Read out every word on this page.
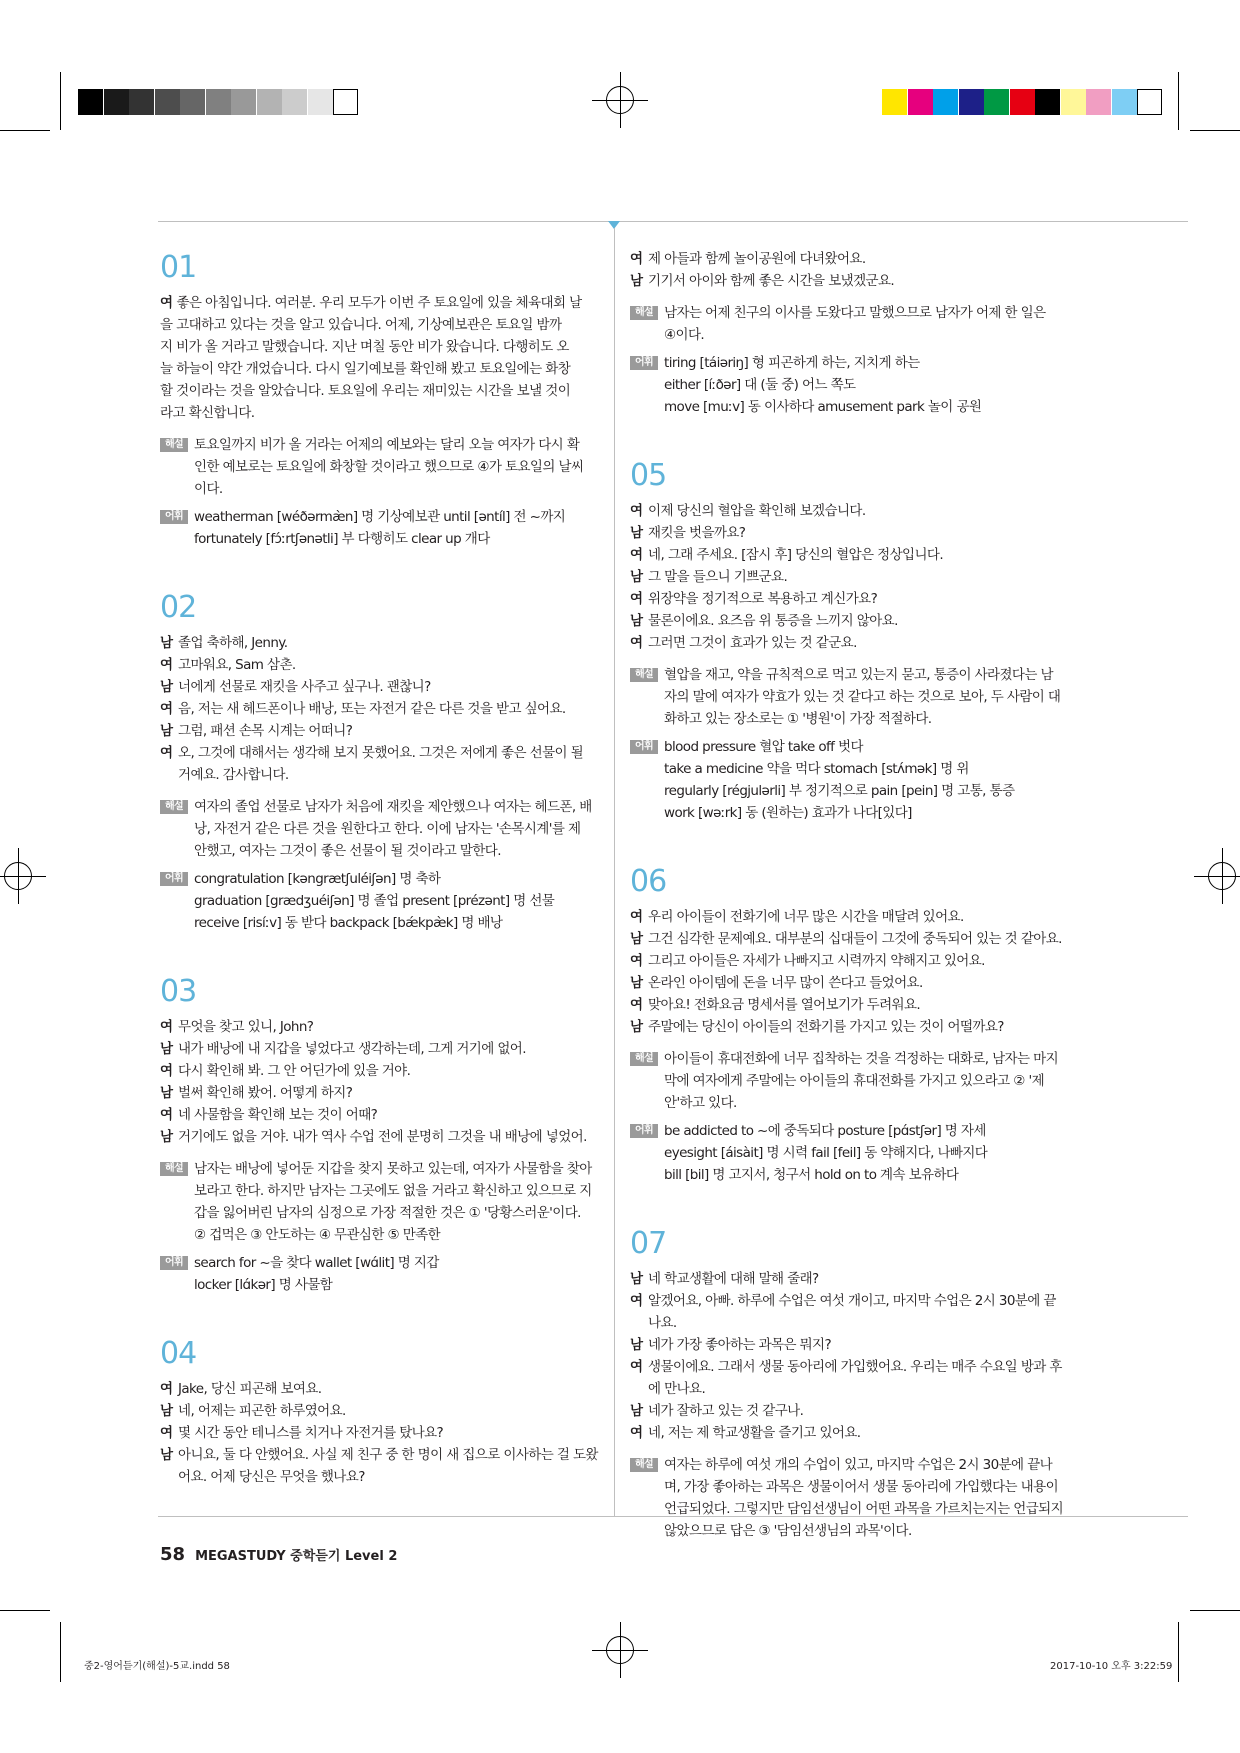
01
여 좋은 아침입니다. 여러분. 우리 모두가 이번 주 토요일에 있을 체육대회 날
을 고대하고 있다는 것을 알고 있습니다. 어제, 기상예보관은 토요일 밤까
지 비가 올 거라고 말했습니다. 지난 며칠 동안 비가 왔습니다. 다행히도 오
늘 하늘이 약간 개었습니다. 다시 일기예보를 확인해 봤고 토요일에는 화창
할 것이라는 것을 알았습니다. 토요일에 우리는 재미있는 시간을 보낼 것이
라고 확신합니다.
해설 토요일까지 비가 올 거라는 어제의 예보와는 달리 오늘 여자가 다시 확
인한 예보로는 토요일에 화창할 것이라고 했으므로 ④가 토요일의 날씨
이다.
어휘 weatherman [wéðərmæ̀n] 명 기상예보관 until [əntíl] 전 ~까지
fortunately [fɔ́ːrtʃənətli] 부 다행히도 clear up 개다
02
남 졸업 축하해, Jenny.
여 고마워요, Sam 삼촌.
남 너에게 선물로 재킷을 사주고 싶구나. 괜찮니?
여 음, 저는 새 헤드폰이나 배낭, 또는 자전거 같은 다른 것을 받고 싶어요.
남 그럼, 패션 손목 시계는 어떠니?
여 오, 그것에 대해서는 생각해 보지 못했어요. 그것은 저에게 좋은 선물이 될
거예요. 감사합니다.
해설 여자의 졸업 선물로 남자가 처음에 재킷을 제안했으나 여자는 헤드폰, 배
낭, 자전거 같은 다른 것을 원한다고 한다. 이에 남자는 '손목시계'를 제
안했고, 여자는 그것이 좋은 선물이 될 것이라고 말한다.
어휘 congratulation [kəngrætʃuléiʃən] 명 축하
graduation [grædʒuéiʃən] 명 졸업 present [prézənt] 명 선물
receive [risíːv] 동 받다 backpack [bǽkpæ̀k] 명 배낭
03
여 무엇을 찾고 있니, John?
남 내가 배낭에 내 지갑을 넣었다고 생각하는데, 그게 거기에 없어.
여 다시 확인해 봐. 그 안 어딘가에 있을 거야.
남 벌써 확인해 봤어. 어떻게 하지?
여 네 사물함을 확인해 보는 것이 어때?
남 거기에도 없을 거야. 내가 역사 수업 전에 분명히 그것을 내 배낭에 넣었어.
해설 남자는 배낭에 넣어둔 지갑을 찾지 못하고 있는데, 여자가 사물함을 찾아
보라고 한다. 하지만 남자는 그곳에도 없을 거라고 확신하고 있으므로 지
갑을 잃어버린 남자의 심정으로 가장 적절한 것은 ① '당황스러운'이다.
② 겁먹은 ③ 안도하는 ④ 무관심한 ⑤ 만족한
어휘 search for ~을 찾다 wallet [wɑ́lit] 명 지갑
locker [lɑ́kər] 명 사물함
04
여 Jake, 당신 피곤해 보여요.
남 네, 어제는 피곤한 하루였어요.
여 몇 시간 동안 테니스를 치거나 자전거를 탔나요?
남 아니요, 둘 다 안했어요. 사실 제 친구 중 한 명이 새 집으로 이사하는 걸 도왔
어요. 어제 당신은 무엇을 했나요?
여 제 아들과 함께 놀이공원에 다녀왔어요.
남 기기서 아이와 함께 좋은 시간을 보냈겠군요.
해설 남자는 어제 친구의 이사를 도왔다고 말했으므로 남자가 어제 한 일은
④이다.
어휘 tiring [táiəriŋ] 형 피곤하게 하는, 지치게 하는
either [íːðər] 대 (둘 중) 어느 쪽도
move [muːv] 동 이사하다 amusement park 놀이 공원
05
여 이제 당신의 혈압을 확인해 보겠습니다.
남 재킷을 벗을까요?
여 네, 그래 주세요. [잠시 후] 당신의 혈압은 정상입니다.
남 그 말을 들으니 기쁘군요.
여 위장약을 정기적으로 복용하고 계신가요?
남 물론이에요. 요즈음 위 통증을 느끼지 않아요.
여 그러면 그것이 효과가 있는 것 같군요.
해설 혈압을 재고, 약을 규칙적으로 먹고 있는지 묻고, 통증이 사라졌다는 남
자의 말에 여자가 약효가 있는 것 같다고 하는 것으로 보아, 두 사람이 대
화하고 있는 장소로는 ① '병원'이 가장 적절하다.
어휘 blood pressure 혈압 take off 벗다
take a medicine 약을 먹다 stomach [stʌ́mək] 명 위
regularly [régjulərli] 부 정기적으로 pain [pein] 명 고통, 통증
work [wəːrk] 동 (원하는) 효과가 나다[있다]
06
여 우리 아이들이 전화기에 너무 많은 시간을 매달려 있어요.
남 그건 심각한 문제예요. 대부분의 십대들이 그것에 중독되어 있는 것 같아요.
여 그리고 아이들은 자세가 나빠지고 시력까지 약해지고 있어요.
남 온라인 아이템에 돈을 너무 많이 쓴다고 들었어요.
여 맞아요! 전화요금 명세서를 열어보기가 두려워요.
남 주말에는 당신이 아이들의 전화기를 가지고 있는 것이 어떨까요?
해설 아이들이 휴대전화에 너무 집착하는 것을 걱정하는 대화로, 남자는 마지
막에 여자에게 주말에는 아이들의 휴대전화를 가지고 있으라고 ② '제
안'하고 있다.
어휘 be addicted to ~에 중독되다 posture [pɑ́stʃər] 명 자세
eyesight [áisàit] 명 시력 fail [feil] 동 약해지다, 나빠지다
bill [bil] 명 고지서, 청구서 hold on to 계속 보유하다
07
남 네 학교생활에 대해 말해 줄래?
여 알겠어요, 아빠. 하루에 수업은 여섯 개이고, 마지막 수업은 2시 30분에 끝
나요.
남 네가 가장 좋아하는 과목은 뭐지?
여 생물이에요. 그래서 생물 동아리에 가입했어요. 우리는 매주 수요일 방과 후
에 만나요.
남 네가 잘하고 있는 것 같구나.
여 네, 저는 제 학교생활을 즐기고 있어요.
해설 여자는 하루에 여섯 개의 수업이 있고, 마지막 수업은 2시 30분에 끝나
며, 가장 좋아하는 과목은 생물이어서 생물 동아리에 가입했다는 내용이
언급되었다. 그렇지만 담임선생님이 어떤 과목을 가르치는지는 언급되지
않았으므로 답은 ③ '담임선생님의 과목'이다.
58 MEGASTUDY 중학듣기 Level 2
중2-영어듣기(해설)-5교.indd 58	2017-10-10 오후 3:22:59
